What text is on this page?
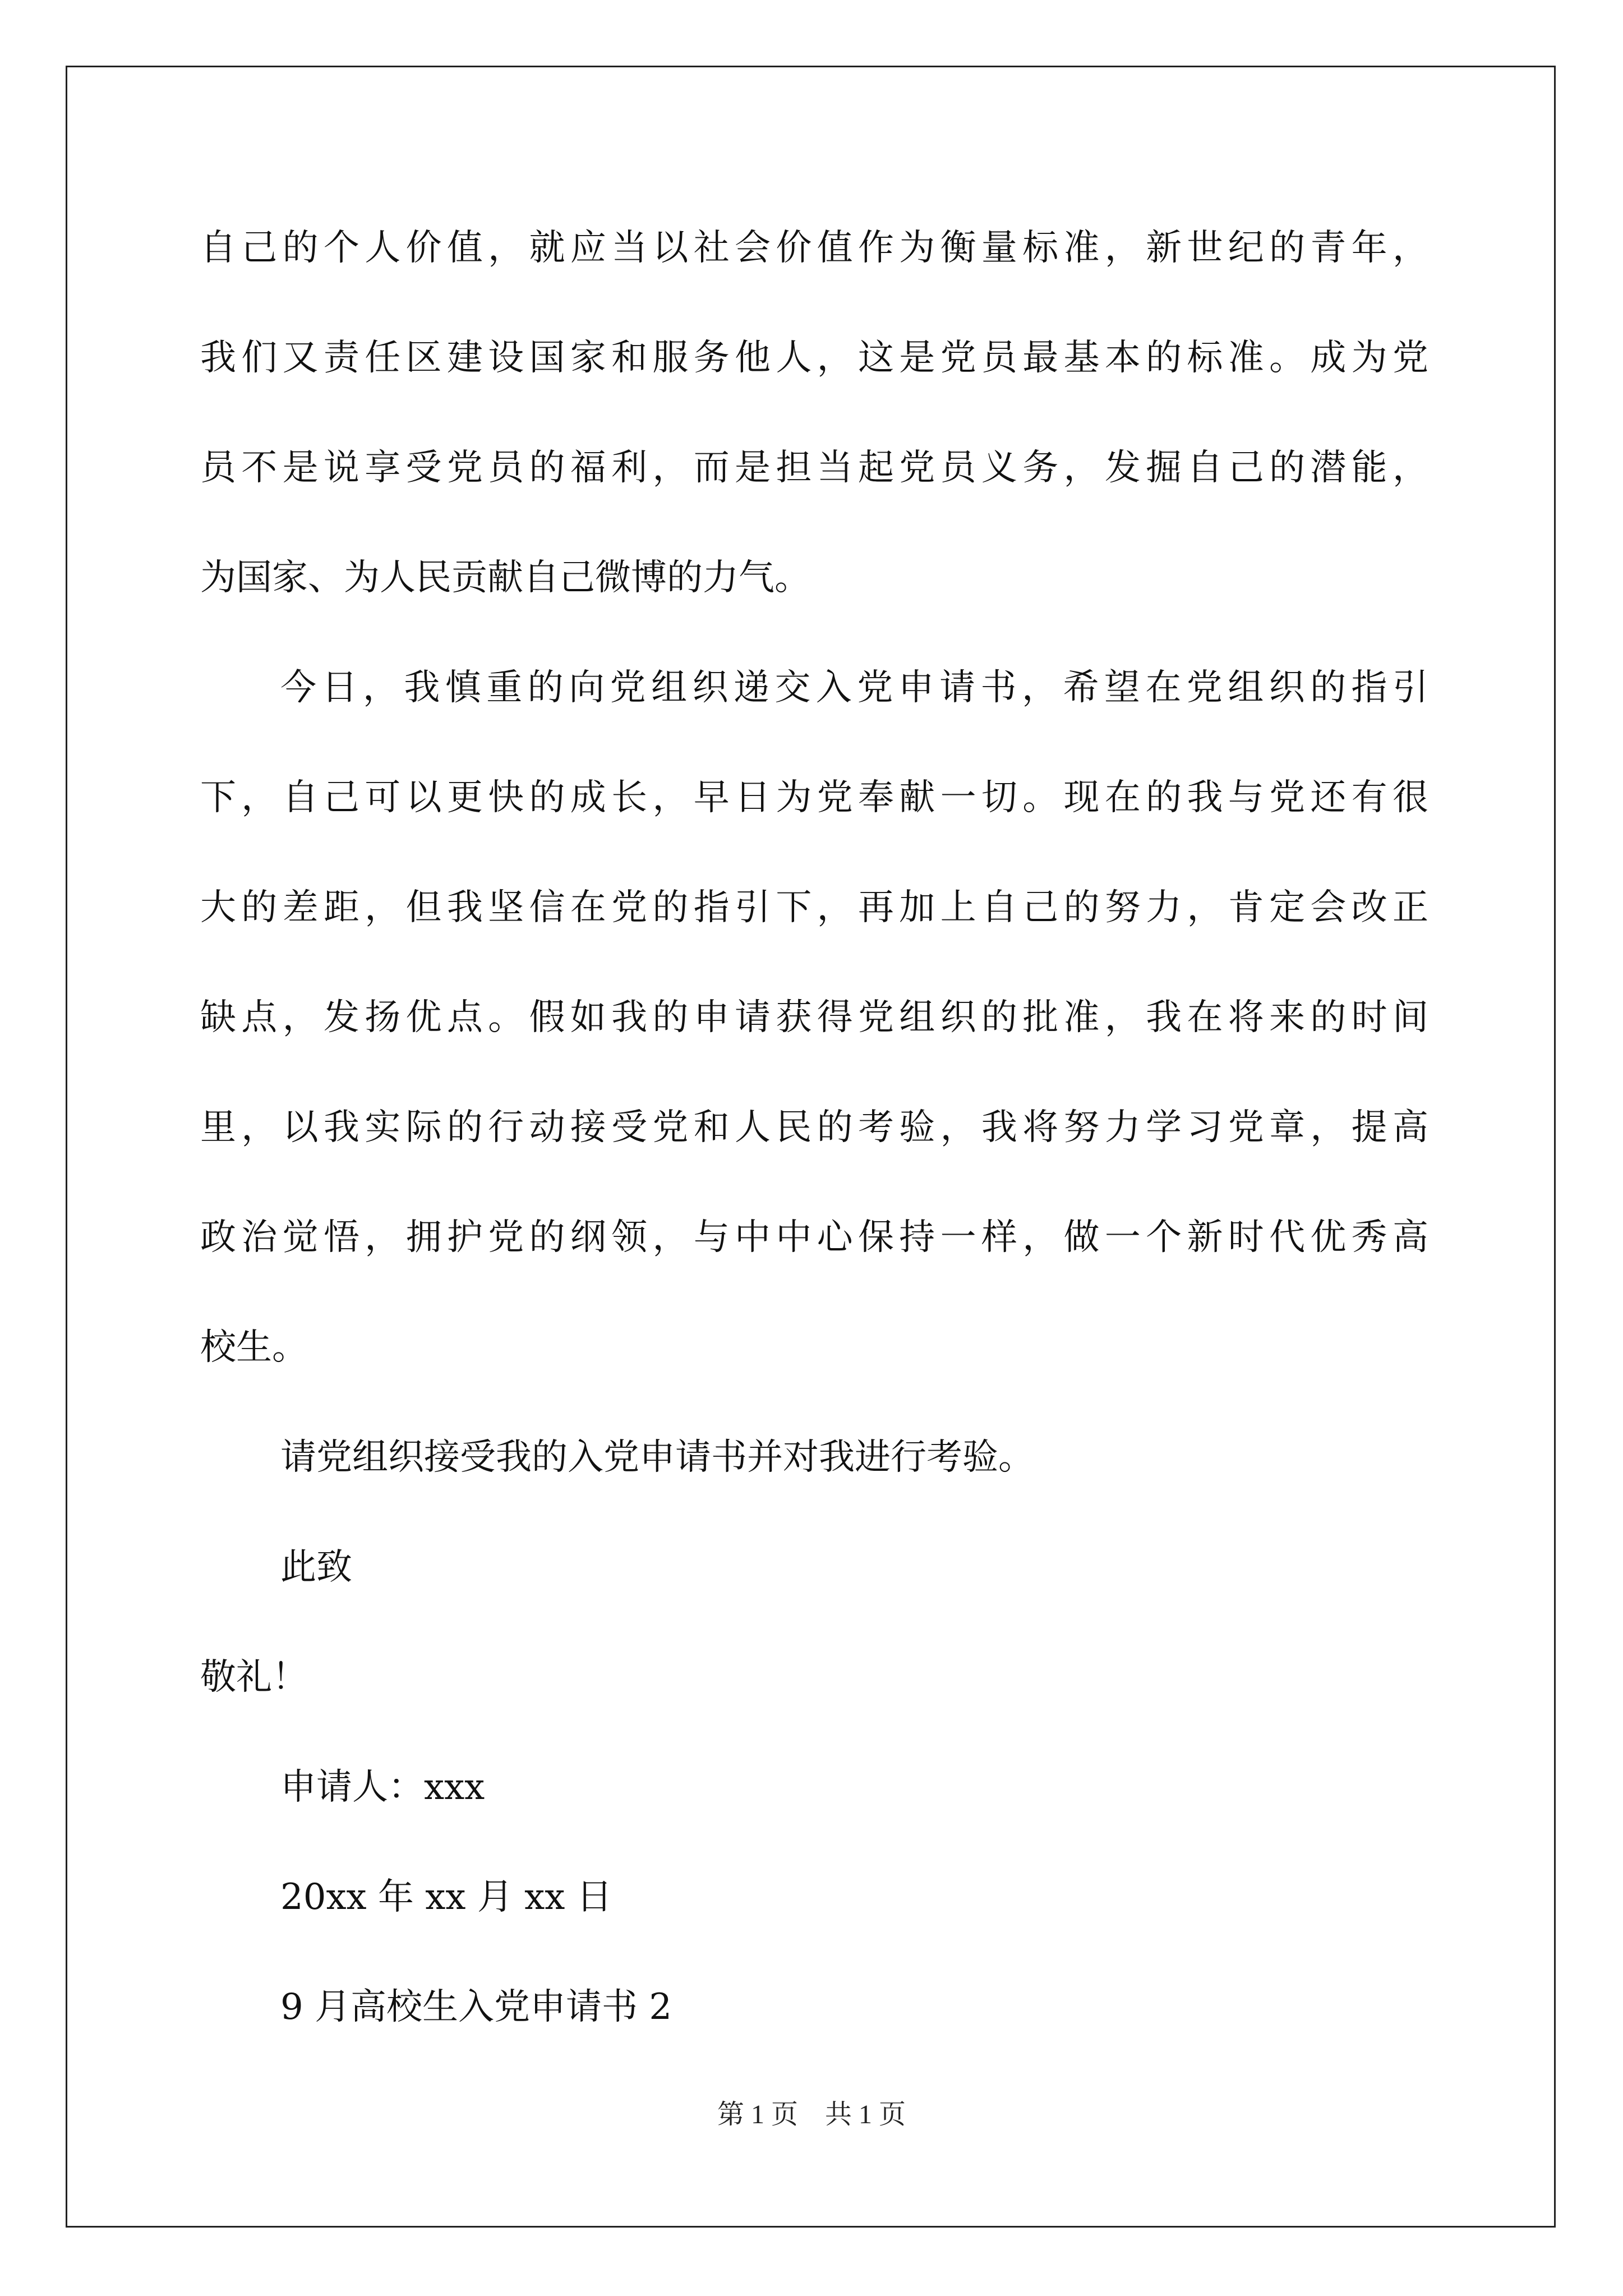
自己的个人价值，就应当以社会价值作为衡量标准，新世纪的青年，

我们又责任区建设国家和服务他人，这是党员最基本的标准。成为党

员不是说享受党员的福利，而是担当起党员义务，发掘自己的潜能，

为国家、为人民贡献自己微博的力气。

今日，我慎重的向党组织递交入党申请书，希望在党组织的指引

下，自己可以更快的成长，早日为党奉献一切。现在的我与党还有很

大的差距，但我坚信在党的指引下，再加上自己的努力，肯定会改正

缺点，发扬优点。假如我的申请获得党组织的批准，我在将来的时间

里，以我实际的行动接受党和人民的考验，我将努力学习党章，提高

政治觉悟，拥护党的纲领，与中中心保持一样，做一个新时代优秀高

校生。

请党组织接受我的入党申请书并对我进行考验。

此致

敬礼！

申请人：xxx

20xx 年 xx 月 xx 日

9 月高校生入党申请书 2

第 1 页    共 1 页
